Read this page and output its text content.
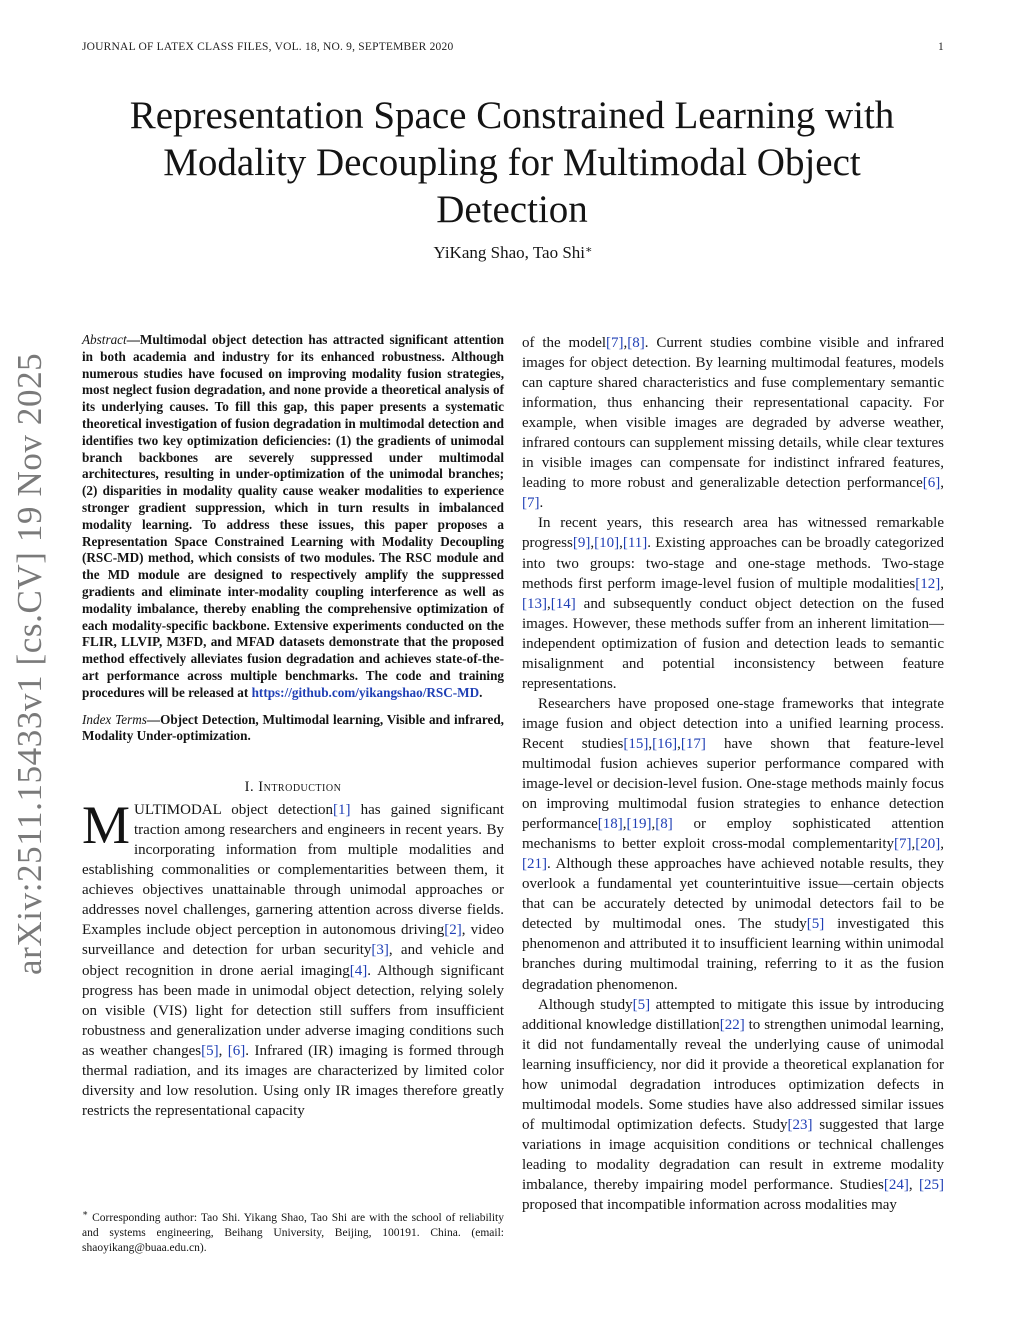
JOURNAL OF LATEX CLASS FILES, VOL. 18, NO. 9, SEPTEMBER 2020	1
arXiv:2511.15433v1 [cs.CV] 19 Nov 2025
Representation Space Constrained Learning with
Modality Decoupling for Multimodal Object
Detection
YiKang Shao, Tao Shi∗

Abstract—Multimodal object detection has attracted significant attention in both academia and industry for its enhanced robustness. Although numerous studies have focused on improving modality fusion strategies, most neglect fusion degradation, and none provide a theoretical analysis of its underlying causes. To fill this gap, this paper presents a systematic theoretical investigation of fusion degradation in multimodal detection and identifies two key optimization deficiencies: (1) the gradients of unimodal branch backbones are severely suppressed under multimodal architectures, resulting in under-optimization of the unimodal branches; (2) disparities in modality quality cause weaker modalities to experience stronger gradient suppression, which in turn results in imbalanced modality learning. To address these issues, this paper proposes a Representation Space Constrained Learning with Modality Decoupling (RSC-MD) method, which consists of two modules. The RSC module and the MD module are designed to respectively amplify the suppressed gradients and eliminate inter-modality coupling interference as well as modality imbalance, thereby enabling the comprehensive optimization of each modality-specific backbone. Extensive experiments conducted on the FLIR, LLVIP, M3FD, and MFAD datasets demonstrate that the proposed method effectively alleviates fusion degradation and achieves state-of-the-art performance across multiple benchmarks. The code and training procedures will be released at https://github.com/yikangshao/RSC-MD.

Index Terms—Object Detection, Multimodal learning, Visible and infrared, Modality Under-optimization.

I. Introduction

MULTIMODAL object detection[1] has gained significant traction among researchers and engineers in recent years. By incorporating information from multiple modalities and establishing commonalities or complementarities between them, it achieves objectives unattainable through unimodal approaches or addresses novel challenges, garnering attention across diverse fields. Examples include object perception in autonomous driving[2], video surveillance and detection for urban security[3], and vehicle and object recognition in drone aerial imaging[4]. Although significant progress has been made in unimodal object detection, relying solely on visible (VIS) light for detection still suffers from insufficient robustness and generalization under adverse imaging conditions such as weather changes[5], [6]. Infrared (IR) imaging is formed through thermal radiation, and its images are characterized by limited color diversity and low resolution. Using only IR images therefore greatly restricts the representational capacity

of the model[7],[8]. Current studies combine visible and infrared images for object detection. By learning multimodal features, models can capture shared characteristics and fuse complementary semantic information, thus enhancing their representational capacity. For example, when visible images are degraded by adverse weather, infrared contours can supplement missing details, while clear textures in visible images can compensate for indistinct infrared features, leading to more robust and generalizable detection performance[6], [7].

In recent years, this research area has witnessed remarkable progress[9],[10],[11]. Existing approaches can be broadly categorized into two groups: two-stage and one-stage methods. Two-stage methods first perform image-level fusion of multiple modalities[12],[13],[14] and subsequently conduct object detection on the fused images. However, these methods suffer from an inherent limitation—independent optimization of fusion and detection leads to semantic misalignment and potential inconsistency between feature representations.

Researchers have proposed one-stage frameworks that integrate image fusion and object detection into a unified learning process. Recent studies[15],[16],[17] have shown that feature-level multimodal fusion achieves superior performance compared with image-level or decision-level fusion. One-stage methods mainly focus on improving multimodal fusion strategies to enhance detection performance[18],[19],[8] or employ sophisticated attention mechanisms to better exploit cross-modal complementarity[7],[20],[21]. Although these approaches have achieved notable results, they overlook a fundamental yet counterintuitive issue—certain objects that can be accurately detected by unimodal detectors fail to be detected by multimodal ones. The study[5] investigated this phenomenon and attributed it to insufficient learning within unimodal branches during multimodal training, referring to it as the fusion degradation phenomenon.

Although study[5] attempted to mitigate this issue by introducing additional knowledge distillation[22] to strengthen unimodal learning, it did not fundamentally reveal the underlying cause of unimodal learning insufficiency, nor did it provide a theoretical explanation for how unimodal degradation introduces optimization defects in multimodal models. Some studies have also addressed similar issues of multimodal optimization defects. Study[23] suggested that large variations in image acquisition conditions or technical challenges leading to modality degradation can result in extreme modality imbalance, thereby impairing model performance. Studies[24], [25] proposed that incompatible information across modalities may

∗ Corresponding author: Tao Shi. Yikang Shao, Tao Shi are with the school of reliability and systems engineering, Beihang University, Beijing, 100191. China. (email: shaoyikang@buaa.edu.cn).
